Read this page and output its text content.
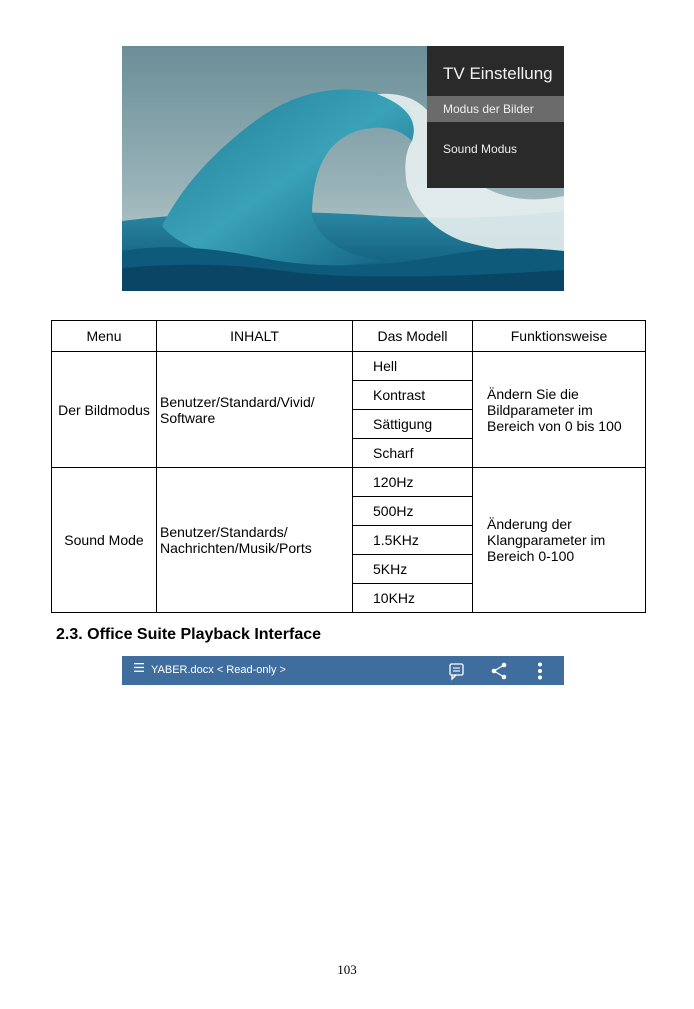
TV Einstellung
Modus der Bilder
Sound Modus
Menu	INHALT	Das Modell	Funktionsweise
Der Bildmodus	Benutzer/Standard/Vivid/ Software	Hell	Ändern Sie die Bildparameter im Bereich von 0 bis 100
		Kontrast	
		Sättigung	
		Scharf	
Sound Mode	Benutzer/Standards/ Nachrichten/Musik/Ports	120Hz	Änderung der Klangparameter im Bereich 0-100
		500Hz	
		1.5KHz	
		5KHz	
		10KHz	
2.3. Office Suite Playback Interface
YABER.docx < Read-only >
103
